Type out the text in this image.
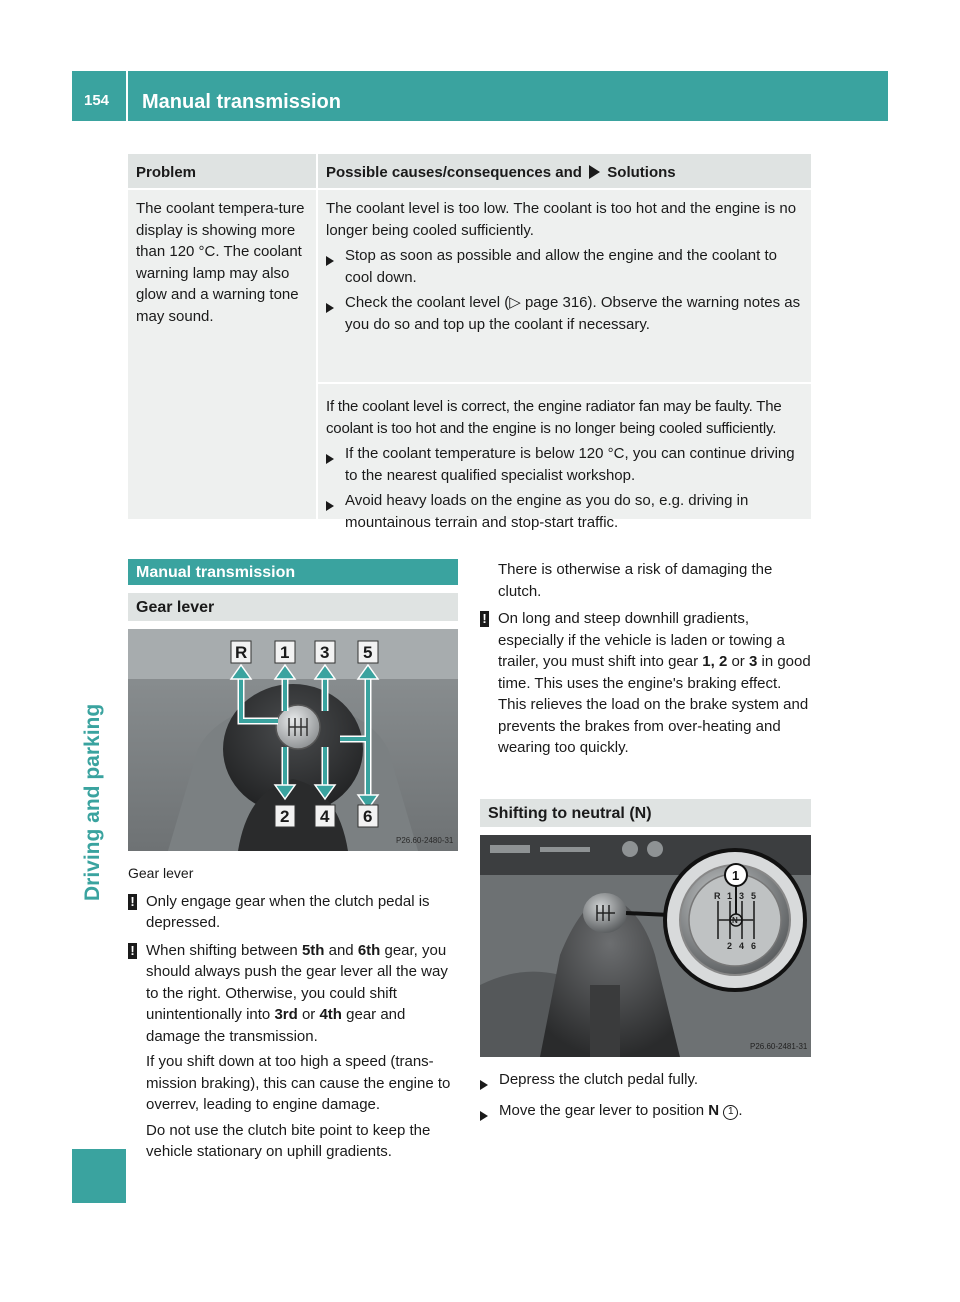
154	Manual transmission
Driving and parking
Problem	Possible causes/consequences and Solutions
The coolant tempera-ture display is showing more than 120 °C. The coolant warning lamp may also glow and a warning tone may sound.
The coolant level is too low. The coolant is too hot and the engine is no longer being cooled sufficiently.
Stop as soon as possible and allow the engine and the coolant to cool down.
Check the coolant level (▷ page 316). Observe the warning notes as you do so and top up the coolant if necessary.
If the coolant level is correct, the engine radiator fan may be faulty. The coolant is too hot and the engine is no longer being cooled sufficiently.
If the coolant temperature is below 120 °C, you can continue driving to the nearest qualified specialist workshop.
Avoid heavy loads on the engine as you do so, e.g. driving in mountainous terrain and stop-start traffic.
Manual transmission
Gear lever
R 1 3 5
2 4 6
P26.60-2480-31
Gear lever
! Only engage gear when the clutch pedal is depressed.
! When shifting between 5th and 6th gear, you should always push the gear lever all the way to the right. Otherwise, you could shift unintentionally into 3rd or 4th gear and damage the transmission.
If you shift down at too high a speed (trans-mission braking), this can cause the engine to overrev, leading to engine damage.
Do not use the clutch bite point to keep the vehicle stationary on uphill gradients.
There is otherwise a risk of damaging the clutch.
! On long and steep downhill gradients, especially if the vehicle is laden or towing a trailer, you must shift into gear 1, 2 or 3 in good time. This uses the engine's braking effect. This relieves the load on the brake system and prevents the brakes from over-heating and wearing too quickly.
Shifting to neutral (N)
R 1 3 5
N
2 4 6
1
P26.60-2481-31
Depress the clutch pedal fully.
Move the gear lever to position N 1 .
